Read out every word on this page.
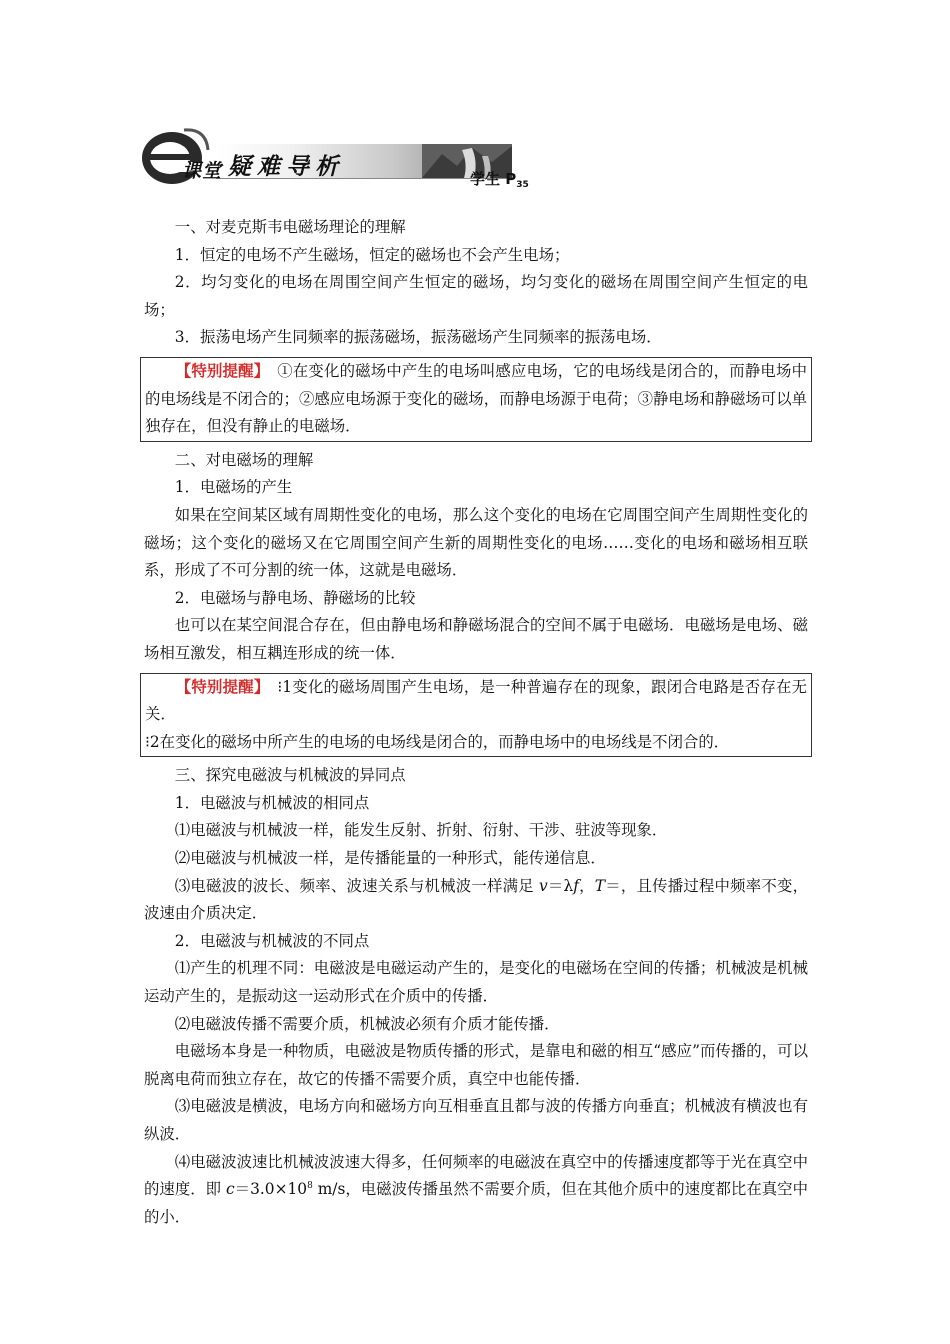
e
课堂 疑难导析	学生 $P_{35}$

一、对麦克斯韦电磁场理论的理解

1．恒定的电场不产生磁场，恒定的磁场也不会产生电场；

2．均匀变化的电场在周围空间产生恒定的磁场，均匀变化的磁场在周围空间产生恒定的电场；

3．振荡电场产生同频率的振荡磁场，振荡磁场产生同频率的振荡电场．

【特别提醒】　 ①在变化的磁场中产生的电场叫感应电场，它的电场线是闭合的，而静电场中的电场线是不闭合的；②感应电场源于变化的磁场，而静电场源于电荷；③静电场和静磁场可以单独存在，但没有静止的电磁场．

二、对电磁场的理解

1．电磁场的产生

如果在空间某区域有周期性变化的电场，那么这个变化的电场在它周围空间产生周期性变化的磁场；这个变化的磁场又在它周围空间产生新的周期性变化的电场……变化的电场和磁场相互联系，形成了不可分割的统一体，这就是电磁场．

2．电磁场与静电场、静磁场的比较

也可以在某空间混合存在，但由静电场和静磁场混合的空间不属于电磁场．电磁场是电场、磁场相互激发，相互耦连形成的统一体．

【特别提醒】　 ⁝1变化的磁场周围产生电场，是一种普遍存在的现象，跟闭合电路是否存在无关．

⁝2在变化的磁场中所产生的电场的电场线是闭合的，而静电场中的电场线是不闭合的．

三、探究电磁波与机械波的异同点

1．电磁波与机械波的相同点

⑴电磁波与机械波一样，能发生反射、折射、衍射、干涉、驻波等现象．

⑵电磁波与机械波一样，是传播能量的一种形式，能传递信息．

⑶电磁波的波长、频率、波速关系与机械波一样满足 v＝λf，T＝，且传播过程中频率不变，波速由介质决定．

2．电磁波与机械波的不同点

⑴产生的机理不同：电磁波是电磁运动产生的，是变化的电磁场在空间的传播；机械波是机械运动产生的，是振动这一运动形式在介质中的传播．

⑵电磁波传播不需要介质，机械波必须有介质才能传播．

电磁场本身是一种物质，电磁波是物质传播的形式，是靠电和磁的相互“感应”而传播的，可以脱离电荷而独立存在，故它的传播不需要介质，真空中也能传播．

⑶电磁波是横波，电场方向和磁场方向互相垂直且都与波的传播方向垂直；机械波有横波也有纵波．

⑷电磁波波速比机械波波速大得多，任何频率的电磁波在真空中的传播速度都等于光在真空中的速度．即 $c=3.0\times 10^8$ m/s，电磁波传播虽然不需要介质，但在其他介质中的速度都比在真空中的小．
